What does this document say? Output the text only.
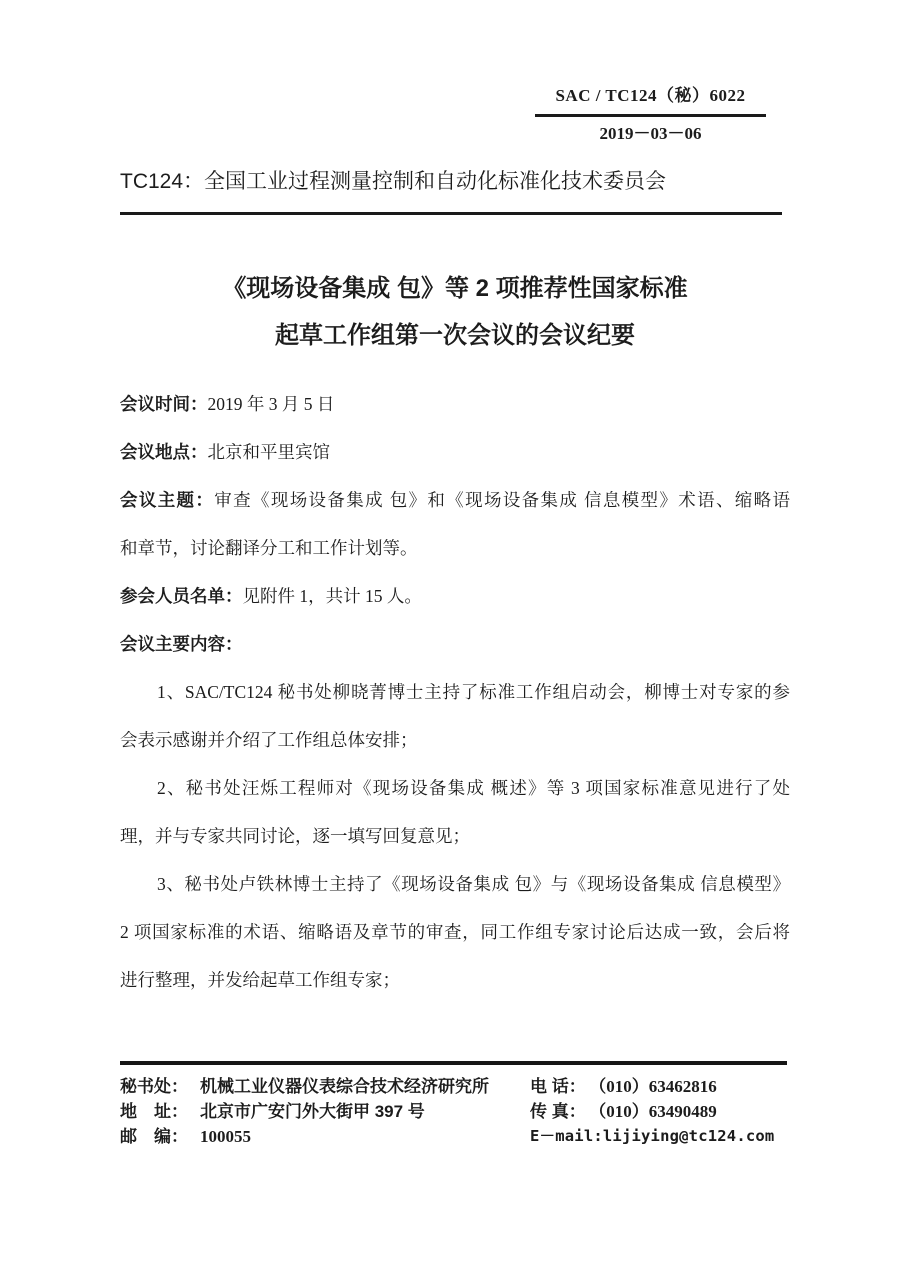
SAC / TC124（秘）6022
2019－03－06
TC124：全国工业过程测量控制和自动化标准化技术委员会
《现场设备集成 包》等 2 项推荐性国家标准
起草工作组第一次会议的会议纪要
会议时间：2019 年 3 月 5 日
会议地点：北京和平里宾馆
会议主题：审查《现场设备集成 包》和《现场设备集成 信息模型》术语、缩略语
和章节，讨论翻译分工和工作计划等。
参会人员名单：见附件 1，共计 15 人。
会议主要内容：
1、SAC/TC124 秘书处柳晓菁博士主持了标准工作组启动会，柳博士对专家的参
会表示感谢并介绍了工作组总体安排；
2、秘书处汪烁工程师对《现场设备集成 概述》等 3 项国家标准意见进行了处
理，并与专家共同讨论，逐一填写回复意见；
3、秘书处卢铁林博士主持了《现场设备集成 包》与《现场设备集成 信息模型》
2 项国家标准的术语、缩略语及章节的审查，同工作组专家讨论后达成一致，会后将
进行整理，并发给起草工作组专家；
秘书处： 机械工业仪器仪表综合技术经济研究所
地　址： 北京市广安门外大街甲 397 号
邮　编： 100055
电 话： （010）63462816
传 真： （010）63490489
E－mail:lijiying@tc124.com
